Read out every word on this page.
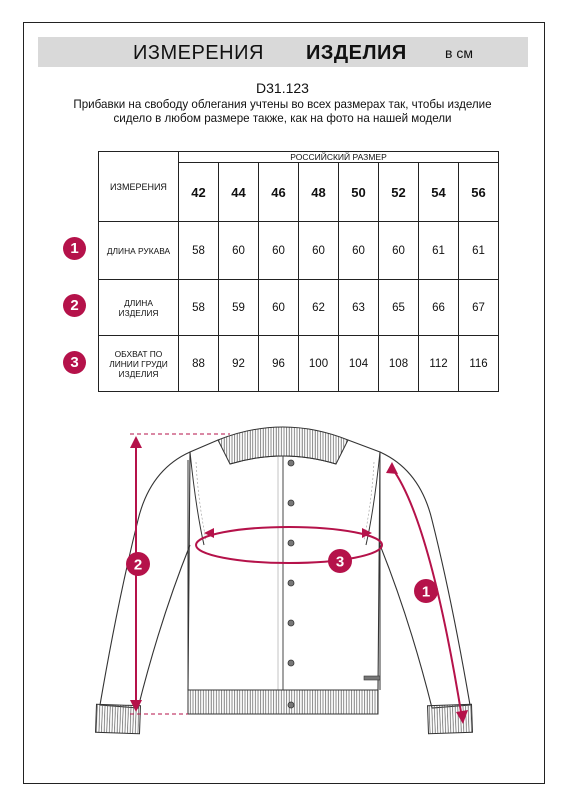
ИЗМЕРЕНИЯ ИЗДЕЛИЯ	в см
D31.123
Прибавки на свободу облегания учтены во всех размерах так, чтобы изделие сидело в любом размере также, как на фото на нашей модели
ИЗМЕРЕНИЯ	РОССИЙСКИЙ РАЗМЕР							
	42	44	46	48	50	52	54	56
ДЛИНА РУКАВА	58	60	60	60	60	60	61	61
ДЛИНА ИЗДЕЛИЯ	58	59	60	62	63	65	66	67
ОБХВАТ ПО ЛИНИИ ГРУДИ ИЗДЕЛИЯ	88	92	96	100	104	108	112	116
1
2
3
2	3
1
